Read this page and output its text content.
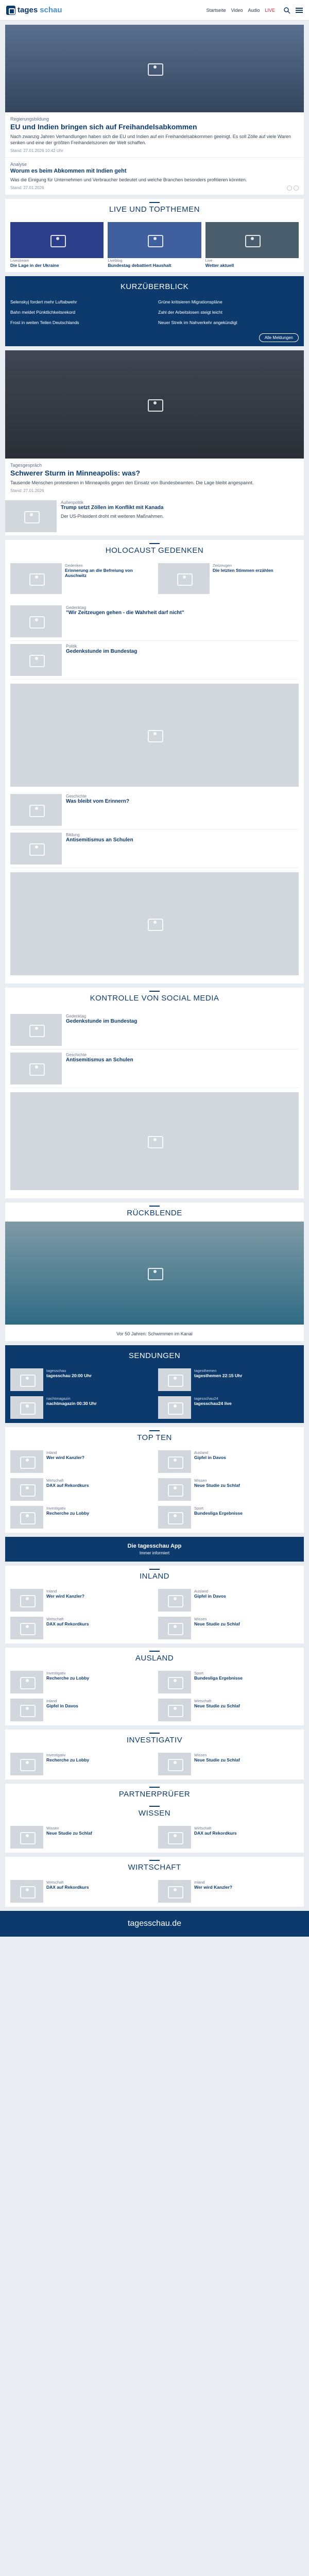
tages schau	Startseite Video Audio LIVE
Regierungsbildung
EU und Indien bringen sich auf Freihandelsabkommen
Nach zwanzig Jahren Verhandlungen haben sich die EU und Indien auf ein Freihandelsabkommen geeinigt. Es soll Zölle auf viele Waren senken und eine der größten Freihandelszonen der Welt schaffen.
Stand: 27.01.2026 10:42 Uhr
Analyse
Worum es beim Abkommen mit Indien geht
Was die Einigung für Unternehmen und Verbraucher bedeutet und welche Branchen besonders profitieren könnten.
Stand: 27.01.2026
LIVE UND TOPTHEMEN
Livestream
Die Lage in der Ukraine
Liveblog
Bundestag debattiert Haushalt
Live
Wetter aktuell
KURZÜBERBLICK
Selenskyj fordert mehr Luftabwehr	Grüne kritisieren Migrationspläne
Bahn meldet Pünktlichkeitsrekord	Zahl der Arbeitslosen steigt leicht
Frost in weiten Teilen Deutschlands	Neuer Streik im Nahverkehr angekündigt
Alle Meldungen
Tagesgespräch
Schwerer Sturm in Minneapolis: was?
Tausende Menschen protestieren in Minneapolis gegen den Einsatz von Bundesbeamten. Die Lage bleibt angespannt.
Stand: 27.01.2026
Außenpolitik
Trump setzt Zöllen im Konflikt mit Kanada
Der US-Präsident droht mit weiteren Maßnahmen.
HOLOCAUST GEDENKEN
Gedenken
Erinnerung an die Befreiung von Auschwitz
Zeitzeugen
Die letzten Stimmen erzählen
Gedenktag
"Wir Zeitzeugen gehen - die Wahrheit darf nicht"
Politik
Gedenkstunde im Bundestag
Geschichte
Was bleibt vom Erinnern?
Bildung
Antisemitismus an Schulen
KONTROLLE VON SOCIAL MEDIA
Gedenktag
Gedenkstunde im Bundestag
Geschichte
Antisemitismus an Schulen
RÜCKBLENDE
Vor 50 Jahren: Schwimmen im Kanal
SENDUNGEN
tagesschau
tagesschau 20:00 Uhr
tagesthemen
tagesthemen 22:15 Uhr
nachtmagazin
nachtmagazin 00:30 Uhr
tagesschau24
tagesschau24 live
TOP TEN
Inland
Wer wird Kanzler?
Ausland
Gipfel in Davos
Wirtschaft
DAX auf Rekordkurs
Wissen
Neue Studie zu Schlaf
Investigativ
Recherche zu Lobby
Sport
Bundesliga Ergebnisse
Die tagesschau App
Immer informiert
INLAND
Inland
Wer wird Kanzler?
Ausland
Gipfel in Davos
Wirtschaft
DAX auf Rekordkurs
Wissen
Neue Studie zu Schlaf
AUSLAND
Investigativ
Recherche zu Lobby
Sport
Bundesliga Ergebnisse
Inland
Gipfel in Davos
Wirtschaft
Neue Studie zu Schlaf
INVESTIGATIV
Investigativ
Recherche zu Lobby
Wissen
Neue Studie zu Schlaf
PARTNERPRÜFER
WISSEN
Wissen
Neue Studie zu Schlaf
Wirtschaft
DAX auf Rekordkurs
WIRTSCHAFT
Wirtschaft
DAX auf Rekordkurs
Inland
Wer wird Kanzler?
tagesschau.de
